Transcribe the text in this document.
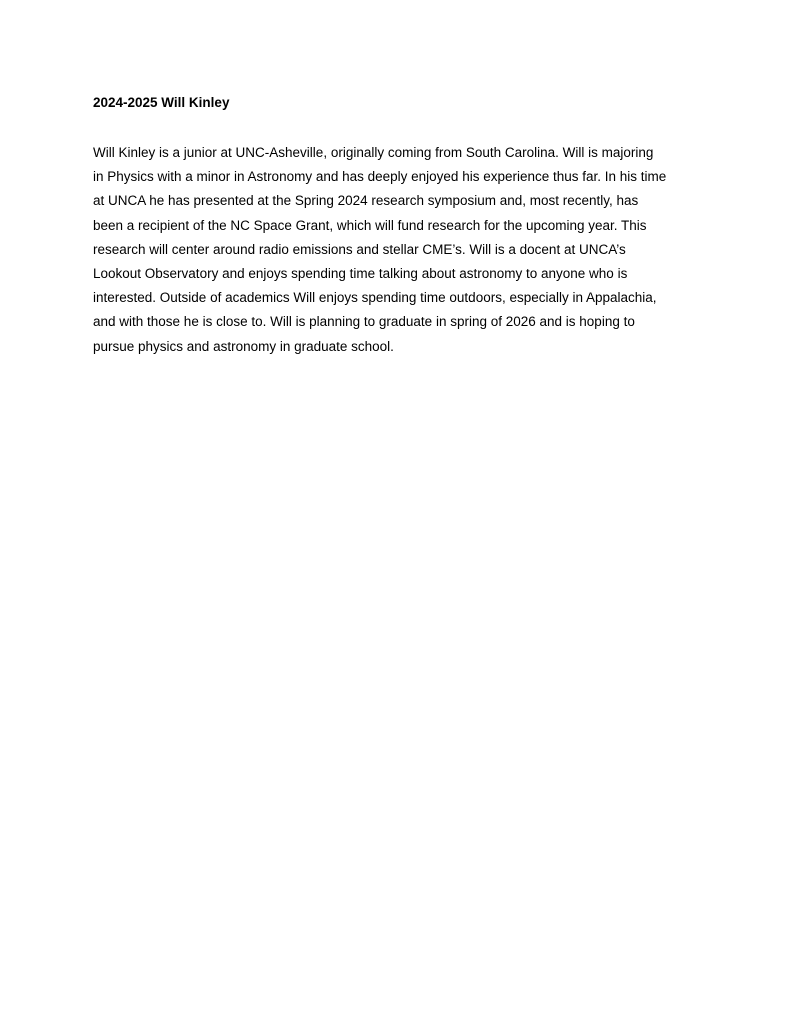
2024-2025 Will Kinley

Will Kinley is a junior at UNC-Asheville, originally coming from South Carolina. Will is majoring
in Physics with a minor in Astronomy and has deeply enjoyed his experience thus far. In his time
at UNCA he has presented at the Spring 2024 research symposium and, most recently, has
been a recipient of the NC Space Grant, which will fund research for the upcoming year. This
research will center around radio emissions and stellar CME’s. Will is a docent at UNCA’s
Lookout Observatory and enjoys spending time talking about astronomy to anyone who is
interested. Outside of academics Will enjoys spending time outdoors, especially in Appalachia,
and with those he is close to. Will is planning to graduate in spring of 2026 and is hoping to
pursue physics and astronomy in graduate school.
